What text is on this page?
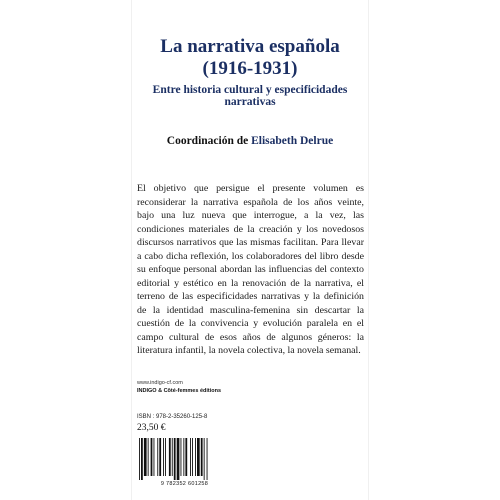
La narrativa española
(1916-1931)
Entre historia cultural y especificidades narrativas
Coordinación de Elisabeth Delrue
El objetivo que persigue el presente volumen es reconsiderar la narrativa española de los años veinte, bajo una luz nueva que interrogue, a la vez, las condiciones materiales de la creación y los novedosos discursos narrativos que las mismas facilitan. Para llevar a cabo dicha reflexión, los colaboradores del libro desde su enfoque personal abordan las influencias del contexto editorial y estético en la renovación de la narrativa, el terreno de las especificidades narrativas y la definición de la identidad masculina-femenina sin descartar la cuestión de la convivencia y evolución paralela en el campo cultural de esos años de algunos géneros: la literatura infantil, la novela colectiva, la novela semanal.
www.indigo-cf.com
INDIGO & Côté-femmes éditions
ISBN : 978-2-35260-125-8
23,50 €
9 782352 601258
